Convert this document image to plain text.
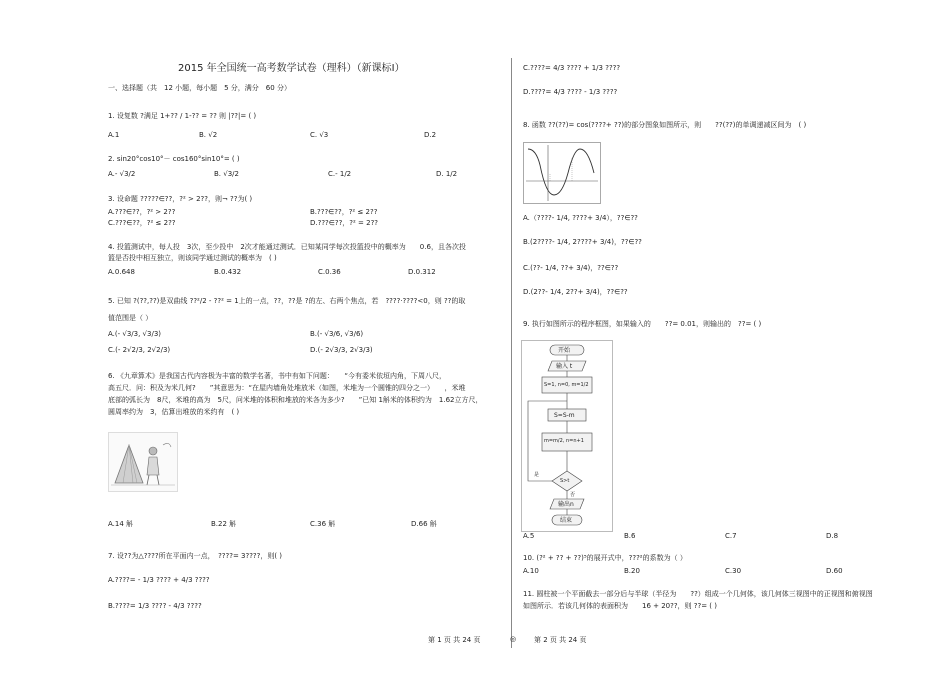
2015 年全国统一高考数学试卷（理科）（新课标Ⅰ）
一、选择题（共　12 小题，每小题　5 分，满分　60 分）
1. 设复数 ?满足 1+?? / 1-?? = ?? 则 |??|= ( )
A.1	B. √2	C. √3	D.2
2. sin20°cos10°－ cos160°sin10°= ( )
A.- √3/2	B. √3/2	C.- 1/2	D. 1/2
3. 设命题 ?????∈??，?² > 2??，则¬ ??为( )
A.???∈??，?² > 2??	B.???∈??，?² ≤ 2??
C.???∈??，?² ≤ 2??	D.???∈??，?² = 2??
4. 投篮测试中，每人投　3次，至少投中　2次才能通过测试．已知某同学每次投篮投中的概率为　　0.6，且各次投
篮是否投中相互独立，则该同学通过测试的概率为　( )
A.0.648	B.0.432	C.0.36	D.0.312
5. 已知 ?(??,??)是双曲线 ??²/2 - ??² = 1上的一点，??，??是 ?的左、右两个焦点，若　????·????<0，则 ??的取
值范围是（ ）
A.(- √3/3, √3/3)	B.(- √3/6, √3/6)
C.(- 2√2/3, 2√2/3)	D.(- 2√3/3, 2√3/3)
6. 《九章算术》是我国古代内容极为丰富的数学名著，书中有如下问题：　　“今有委米依垣内角，下周八尺，
高五尺．问：积及为米几何?　　”其意思为：“在屋内墙角处堆放米（如图，米堆为一个圆锥的四分之一）　　，米堆
底部的弧长为　8尺，米堆的高为　5尺，问米堆的体积和堆放的米各为多少?　　”已知 1斛米的体积约为　1.62立方尺，
圆周率约为　3，估算出堆放的米约有　( )
A.14 斛	B.22 斛	C.36 斛	D.66 斛
7. 设??为△????所在平面内一点，　????= 3????，则( )
A.????= - 1/3 ???? + 4/3 ????
B.????= 1/3 ???? - 4/3 ????
C.????= 4/3 ???? + 1/3 ????
D.????= 4/3 ???? - 1/3 ????
8. 函数 ??(??)= cos(????+ ??)的部分图象如图所示，则　　??(??)的单调递减区间为　( )
A.（????- 1/4, ????+ 3/4），??∈??
B.(2????- 1/4, 2????+ 3/4)，??∈??
C.(??- 1/4, ??+ 3/4)，??∈??
D.(2??- 1/4, 2??+ 3/4)，??∈??
9. 执行如图所示的程序框图，如果输入的　　??= 0.01，则输出的　??= ( )
开始
输入 t
S=1, n=0, m=1/2
S=S-m
m=m/2, n=n+1
S>t
是
否
输出n
结束
A.5	B.6	C.7	D.8
10. (?² + ?? + ??)⁵的展开式中，???²的系数为（ ）
A.10	B.20	C.30	D.60
11. 圆柱被一个平面截去一部分后与半球（半径为　　??）组成一个几何体，该几何体三视图中的正视图和俯视图
如图所示．若该几何体的表面积为　　16 + 20??，则 ??= ( )
第 1 页 共 24 页	◎	第 2 页 共 24 页
